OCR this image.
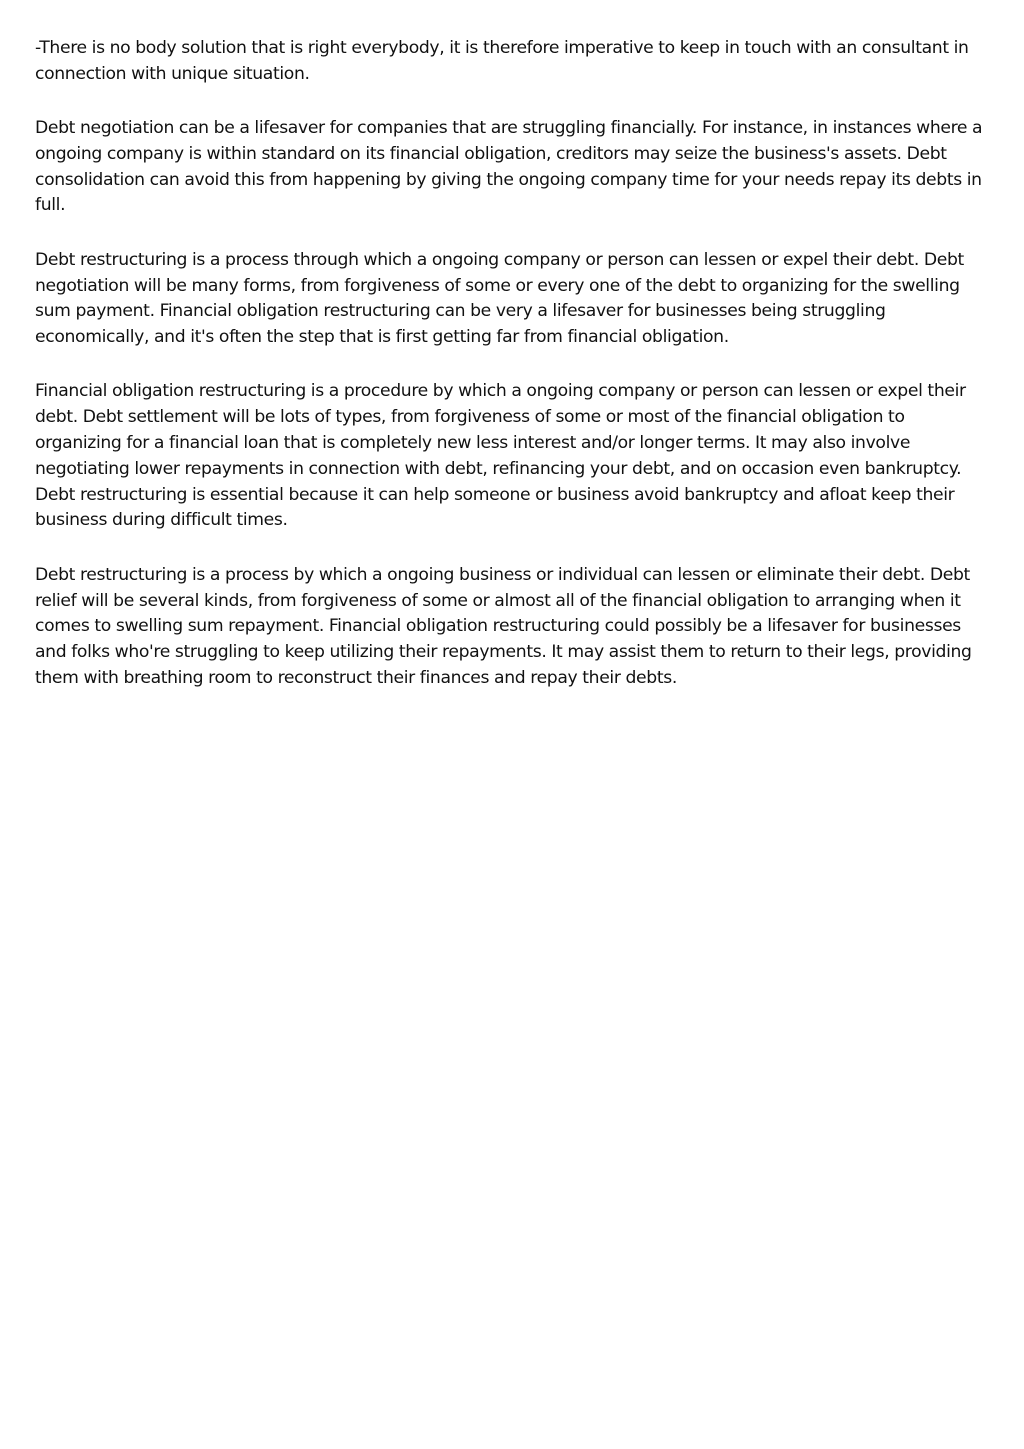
-There is no body solution that is right everybody, it is therefore imperative to keep in touch with an consultant in connection with unique situation.

Debt negotiation can be a lifesaver for companies that are struggling financially. For instance, in instances where a ongoing company is within standard on its financial obligation, creditors may seize the business's assets. Debt consolidation can avoid this from happening by giving the ongoing company time for your needs repay its debts in full.

Debt restructuring is a process through which a ongoing company or person can lessen or expel their debt. Debt negotiation will be many forms, from forgiveness of some or every one of the debt to organizing for the swelling sum payment. Financial obligation restructuring can be very a lifesaver for businesses being struggling economically, and it's often the step that is first getting far from financial obligation.

Financial obligation restructuring is a procedure by which a ongoing company or person can lessen or expel their debt. Debt settlement will be lots of types, from forgiveness of some or most of the financial obligation to organizing for a financial loan that is completely new less interest and/or longer terms. It may also involve negotiating lower repayments in connection with debt, refinancing your debt, and on occasion even bankruptcy. Debt restructuring is essential because it can help someone or business avoid bankruptcy and afloat keep their business during difficult times.

Debt restructuring is a process by which a ongoing business or individual can lessen or eliminate their debt. Debt relief will be several kinds, from forgiveness of some or almost all of the financial obligation to arranging when it comes to swelling sum repayment. Financial obligation restructuring could possibly be a lifesaver for businesses and folks who're struggling to keep utilizing their repayments. It may assist them to return to their legs, providing them with breathing room to reconstruct their finances and repay their debts.
